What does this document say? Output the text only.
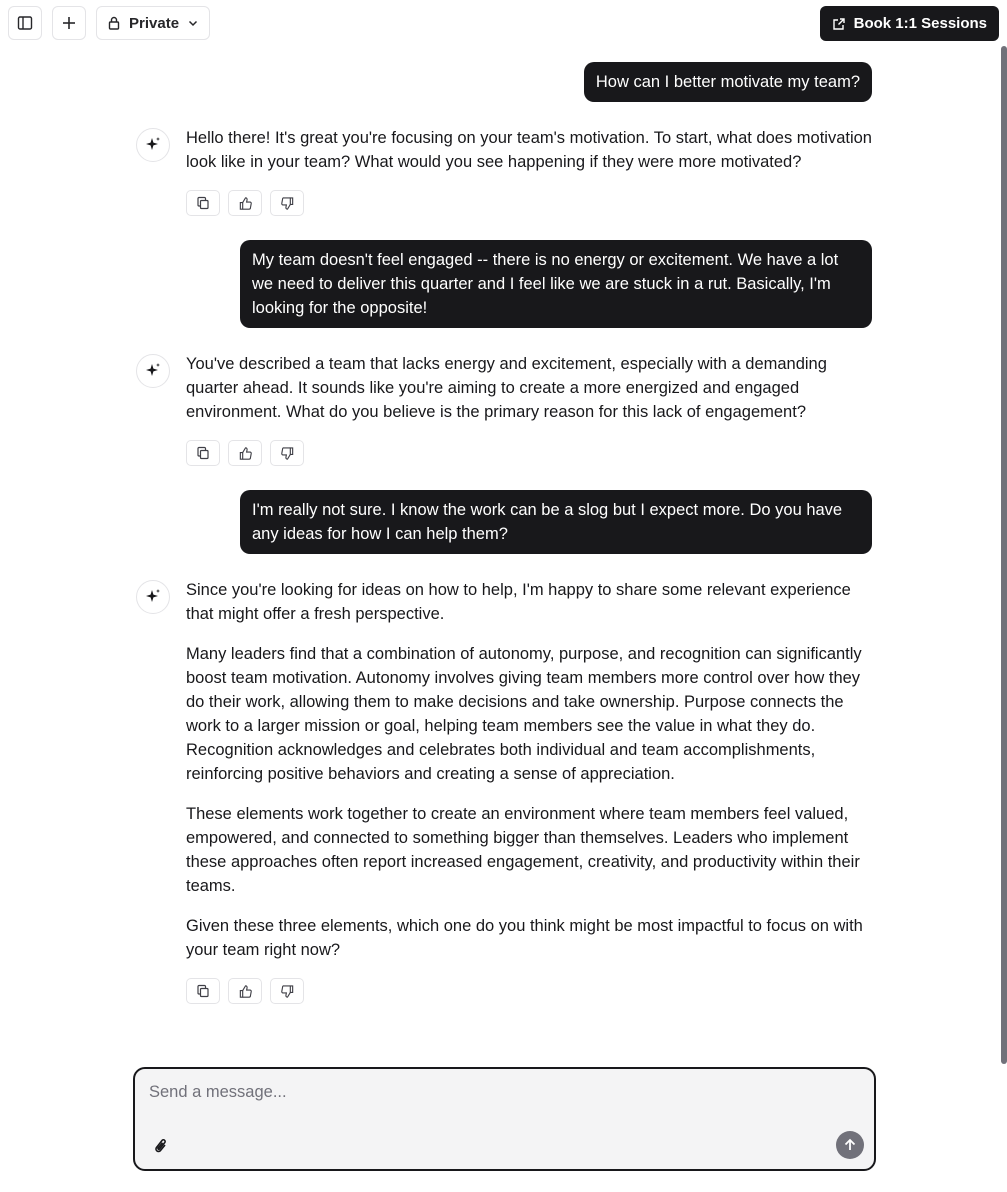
Private	Book 1:1 Sessions
How can I better motivate my team?

Hello there! It's great you're focusing on your team's motivation. To start, what does motivation look like in your team? What would you see happening if they were more motivated?

My team doesn't feel engaged -- there is no energy or excitement. We have a lot we need to deliver this quarter and I feel like we are stuck in a rut. Basically, I'm looking for the opposite!

You've described a team that lacks energy and excitement, especially with a demanding quarter ahead. It sounds like you're aiming to create a more energized and engaged environment. What do you believe is the primary reason for this lack of engagement?

I'm really not sure. I know the work can be a slog but I expect more. Do you have any ideas for how I can help them?

Since you're looking for ideas on how to help, I'm happy to share some relevant experience that might offer a fresh perspective.

Many leaders find that a combination of autonomy, purpose, and recognition can significantly boost team motivation. Autonomy involves giving team members more control over how they do their work, allowing them to make decisions and take ownership. Purpose connects the work to a larger mission or goal, helping team members see the value in what they do. Recognition acknowledges and celebrates both individual and team accomplishments, reinforcing positive behaviors and creating a sense of appreciation.

These elements work together to create an environment where team members feel valued, empowered, and connected to something bigger than themselves. Leaders who implement these approaches often report increased engagement, creativity, and productivity within their teams.

Given these three elements, which one do you think might be most impactful to focus on with your team right now?

Send a message...
